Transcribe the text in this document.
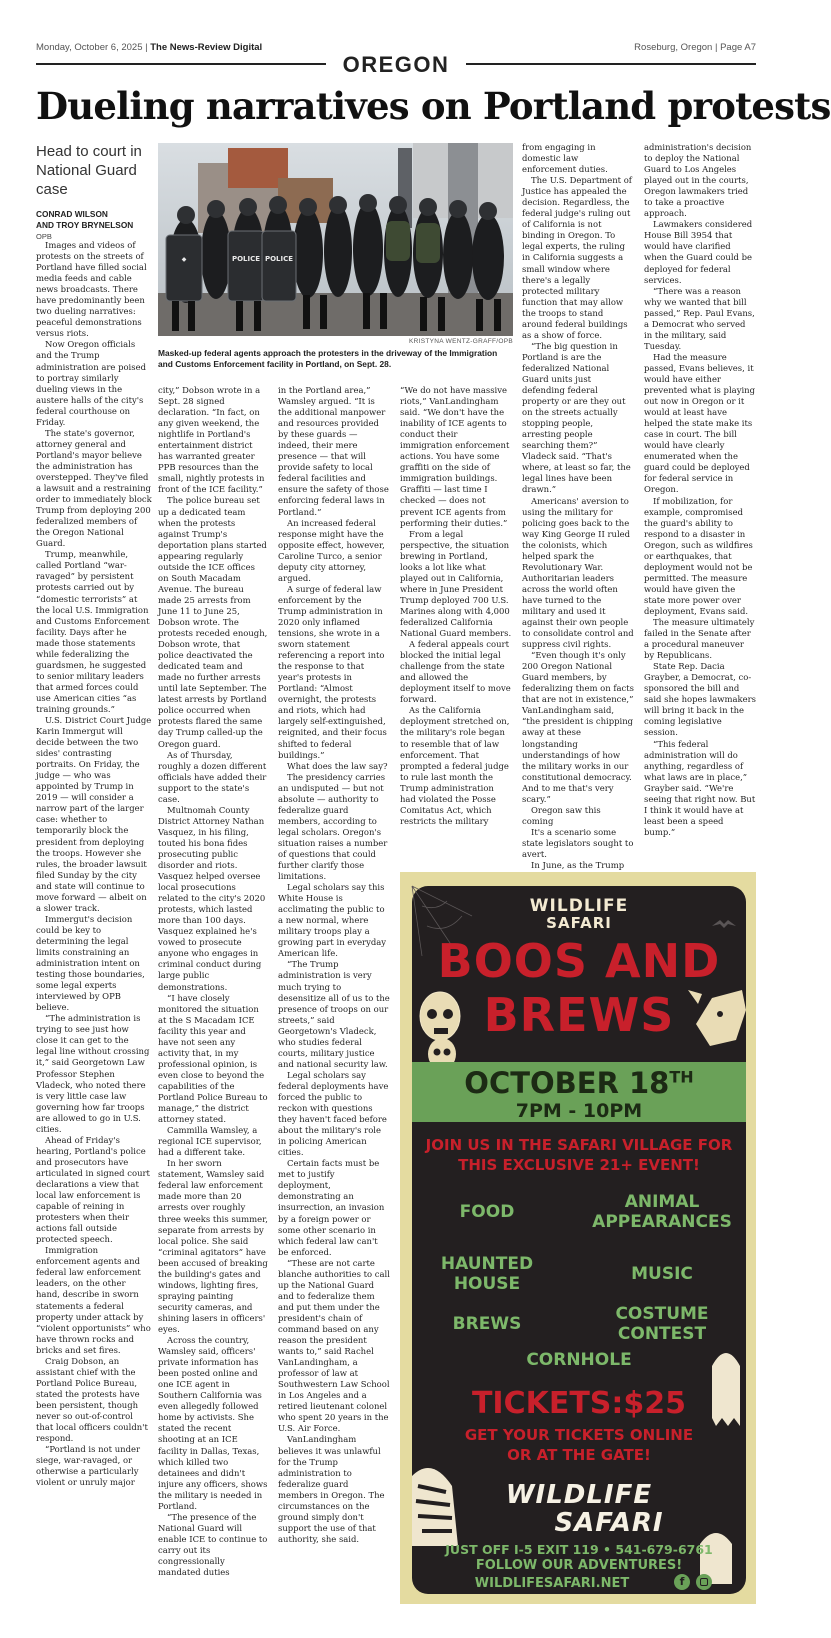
Monday, October 6, 2025 | The News-Review Digital	Roseburg, Oregon | Page A7
OREGON
Dueling narratives on Portland protests
Head to court in National Guard case
CONRAD WILSON
AND TROY BRYNELSON
OPB
◆	POLICE POLICE
KRISTYNA WENTZ-GRAFF/OPB
Masked-up federal agents approach the protesters in the driveway of the Immigration and Customs Enforcement facility in Portland, on Sept. 28.

Images and videos of protests on the streets of Portland have filled social media feeds and cable news broadcasts. There have predominantly been two dueling narratives: peaceful demonstrations versus riots.

Now Oregon officials and the Trump administration are poised to portray similarly dueling views in the austere halls of the city's federal courthouse on Friday.

The state's governor, attorney general and Portland's mayor believe the administration has overstepped. They've filed a lawsuit and a restraining order to immediately block Trump from deploying 200 federalized members of the Oregon National Guard.

Trump, meanwhile, called Portland “war-ravaged” by persistent protests carried out by “domestic terrorists” at the local U.S. Immigration and Customs Enforcement facility. Days after he made those statements while federalizing the guardsmen, he suggested to senior military leaders that armed forces could use American cities “as training grounds.”

U.S. District Court Judge Karin Immergut will decide between the two sides' contrasting portraits. On Friday, the judge — who was appointed by Trump in 2019 — will consider a narrow part of the larger case: whether to temporarily block the president from deploying the troops. However she rules, the broader lawsuit filed Sunday by the city and state will continue to move forward — albeit on a slower track.

Immergut's decision could be key to determining the legal limits constraining an administration intent on testing those boundaries, some legal experts interviewed by OPB believe.

“The administration is trying to see just how close it can get to the legal line without crossing it,” said Georgetown Law Professor Stephen Vladeck, who noted there is very little case law governing how far troops are allowed to go in U.S. cities.

Ahead of Friday's hearing, Portland's police and prosecutors have articulated in signed court declarations a view that local law enforcement is capable of reining in protesters when their actions fall outside protected speech.

Immigration enforcement agents and federal law enforcement leaders, on the other hand, describe in sworn statements a federal property under attack by “violent opportunists” who have thrown rocks and bricks and set fires.

Craig Dobson, an assistant chief with the Portland Police Bureau, stated the protests have been persistent, though never so out-of-control that local officers couldn't respond.

“Portland is not under siege, war-ravaged, or otherwise a particularly violent or unruly major

city,” Dobson wrote in a Sept. 28 signed declaration. “In fact, on any given weekend, the nightlife in Portland's entertainment district has warranted greater PPB resources than the small, nightly protests in front of the ICE facility.”

The police bureau set up a dedicated team when the protests against Trump's deportation plans started appearing regularly outside the ICE offices on South Macadam Avenue. The bureau made 25 arrests from June 11 to June 25, Dobson wrote. The protests receded enough, Dobson wrote, that police deactivated the dedicated team and made no further arrests until late September. The latest arrests by Portland police occurred when protests flared the same day Trump called-up the Oregon guard.

As of Thursday, roughly a dozen different officials have added their support to the state's case.

Multnomah County District Attorney Nathan Vasquez, in his filing, touted his bona fides prosecuting public disorder and riots. Vasquez helped oversee local prosecutions related to the city's 2020 protests, which lasted more than 100 days. Vasquez explained he's vowed to prosecute anyone who engages in criminal conduct during large public demonstrations.

“I have closely monitored the situation at the S Macadam ICE facility this year and have not seen any activity that, in my professional opinion, is even close to beyond the capabilities of the Portland Police Bureau to manage,” the district attorney stated.

Cammilla Wamsley, a regional ICE supervisor, had a different take.

In her sworn statement, Wamsley said federal law enforcement made more than 20 arrests over roughly three weeks this summer, separate from arrests by local police. She said “criminal agitators” have been accused of breaking the building's gates and windows, lighting fires, spraying painting security cameras, and shining lasers in officers' eyes.

Across the country, Wamsley said, officers' private information has been posted online and one ICE agent in Southern California was even allegedly followed home by activists. She stated the recent shooting at an ICE facility in Dallas, Texas, which killed two detainees and didn't injure any officers, shows the military is needed in Portland.

“The presence of the National Guard will enable ICE to continue to carry out its congressionally mandated duties

in the Portland area,” Wamsley argued. “It is the additional manpower and resources provided by these guards — indeed, their mere presence — that will provide safety to local federal facilities and ensure the safety of those enforcing federal laws in Portland.”

An increased federal response might have the opposite effect, however, Caroline Turco, a senior deputy city attorney, argued.

A surge of federal law enforcement by the Trump administration in 2020 only inflamed tensions, she wrote in a sworn statement referencing a report into the response to that year's protests in Portland: “Almost overnight, the protests and riots, which had largely self-extinguished, reignited, and their focus shifted to federal buildings.”

What does the law say?

The presidency carries an undisputed — but not absolute — authority to federalize guard members, according to legal scholars. Oregon's situation raises a number of questions that could further clarify those limitations.

Legal scholars say this White House is acclimating the public to a new normal, where military troops play a growing part in everyday American life.

“The Trump administration is very much trying to desensitize all of us to the presence of troops on our streets,” said Georgetown's Vladeck, who studies federal courts, military justice and national security law.

Legal scholars say federal deployments have forced the public to reckon with questions they haven't faced before about the military's role in policing American cities.

Certain facts must be met to justify deployment, demonstrating an insurrection, an invasion by a foreign power or some other scenario in which federal law can't be enforced.

“These are not carte blanche authorities to call up the National Guard and to federalize them and put them under the president's chain of command based on any reason the president wants to,” said Rachel VanLandingham, a professor of law at Southwestern Law School in Los Angeles and a retired lieutenant colonel who spent 20 years in the U.S. Air Force.

VanLandingham believes it was unlawful for the Trump administration to federalize guard members in Oregon. The circumstances on the ground simply don't support the use of that authority, she said.

“We do not have massive riots,” VanLandingham said. “We don't have the inability of ICE agents to conduct their immigration enforcement actions. You have some graffiti on the side of immigration buildings. Graffiti — last time I checked — does not prevent ICE agents from performing their duties.”

From a legal perspective, the situation brewing in Portland, looks a lot like what played out in California, where in June President Trump deployed 700 U.S. Marines along with 4,000 federalized California National Guard members.

A federal appeals court blocked the initial legal challenge from the state and allowed the deployment itself to move forward.

As the California deployment stretched on, the military's role began to resemble that of law enforcement. That prompted a federal judge to rule last month the Trump administration had violated the Posse Comitatus Act, which restricts the military

from engaging in domestic law enforcement duties.

The U.S. Department of Justice has appealed the decision. Regardless, the federal judge's ruling out of California is not binding in Oregon. To legal experts, the ruling in California suggests a small window where there's a legally protected military function that may allow the troops to stand around federal buildings as a show of force.

“The big question in Portland is are the federalized National Guard units just defending federal property or are they out on the streets actually stopping people, arresting people searching them?” Vladeck said. “That's where, at least so far, the legal lines have been drawn.”

Americans' aversion to using the military for policing goes back to the way King George II ruled the colonists, which helped spark the Revolutionary War. Authoritarian leaders across the world often have turned to the military and used it against their own people to consolidate control and suppress civil rights.

“Even though it's only 200 Oregon National Guard members, by federalizing them on facts that are not in existence,” VanLandingham said, “the president is chipping away at these longstanding understandings of how the military works in our constitutional democracy. And to me that's very scary.”

Oregon saw this coming

It's a scenario some state legislators sought to avert.

In June, as the Trump

administration's decision to deploy the National Guard to Los Angeles played out in the courts, Oregon lawmakers tried to take a proactive approach.

Lawmakers considered House Bill 3954 that would have clarified when the Guard could be deployed for federal services.

“There was a reason why we wanted that bill passed,” Rep. Paul Evans, a Democrat who served in the military, said Tuesday.

Had the measure passed, Evans believes, it would have either prevented what is playing out now in Oregon or it would at least have helped the state make its case in court. The bill would have clearly enumerated when the guard could be deployed for federal service in Oregon.

If mobilization, for example, compromised the guard's ability to respond to a disaster in Oregon, such as wildfires or earthquakes, that deployment would not be permitted. The measure would have given the state more power over deployment, Evans said.

The measure ultimately failed in the Senate after a procedural maneuver by Republicans.

State Rep. Dacia Grayber, a Democrat, co-sponsored the bill and said she hopes lawmakers will bring it back in the coming legislative session.

“This federal administration will do anything, regardless of what laws are in place,” Grayber said. “We're seeing that right now. But I think it would have at least been a speed bump.”

WILDLIFE
SAFARI
BOOS AND
BREWS
OCTOBER 18TH
7PM - 10PM
JOIN US IN THE SAFARI VILLAGE FOR
THIS EXCLUSIVE 21+ EVENT!
FOOD	ANIMAL
APPEARANCES
HAUNTED
HOUSE	MUSIC
BREWS	COSTUME
CONTEST
CORNHOLE
TICKETS:$25
GET YOUR TICKETS ONLINE
OR AT THE GATE!
WILDLIFE
SAFARI
JUST OFF I-5 EXIT 119 • 541-679-6761
FOLLOW OUR ADVENTURES!
WILDLIFESAFARI.NET	f
